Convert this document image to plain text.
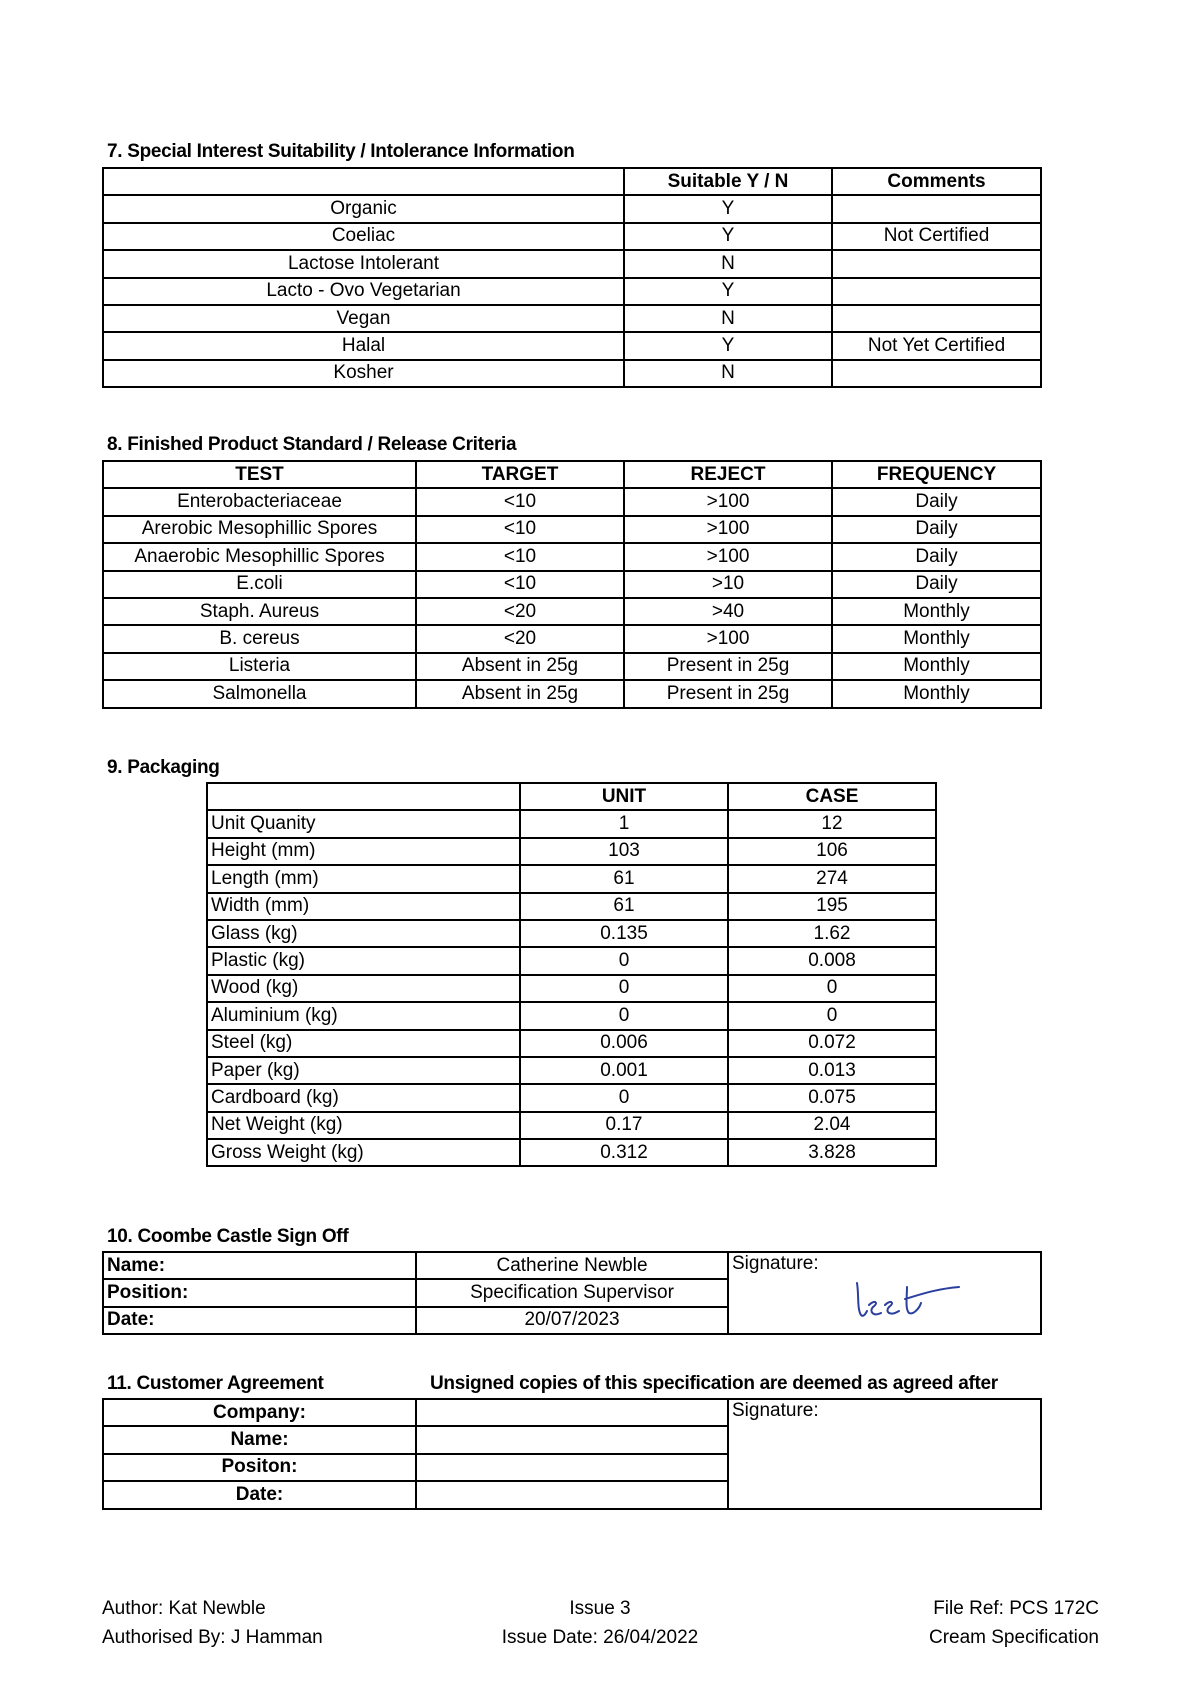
7. Special Interest Suitability / Intolerance Information
	Suitable Y / N	Comments
Organic	Y	
Coeliac	Y	Not Certified
Lactose Intolerant	N	
Lacto - Ovo Vegetarian	Y	
Vegan	N	
Halal	Y	Not Yet Certified
Kosher	N	
8. Finished Product Standard / Release Criteria
TEST	TARGET	REJECT	FREQUENCY
Enterobacteriaceae	<10	>100	Daily
Arerobic Mesophillic Spores	<10	>100	Daily
Anaerobic Mesophillic Spores	<10	>100	Daily
E.coli	<10	>10	Daily
Staph. Aureus	<20	>40	Monthly
B. cereus	<20	>100	Monthly
Listeria	Absent in 25g	Present in 25g	Monthly
Salmonella	Absent in 25g	Present in 25g	Monthly
9. Packaging
	UNIT	CASE
Unit Quanity	1	12
Height (mm)	103	106
Length (mm)	61	274
Width (mm)	61	195
Glass (kg)	0.135	1.62
Plastic (kg)	0	0.008
Wood (kg)	0	0
Aluminium (kg)	0	0
Steel (kg)	0.006	0.072
Paper (kg)	0.001	0.013
Cardboard (kg)	0	0.075
Net Weight (kg)	0.17	2.04
Gross Weight (kg)	0.312	3.828
10. Coombe Castle Sign Off
Name:	Catherine Newble	Signature:

Position:	Specification Supervisor	
Date:	20/07/2023	
11. Customer Agreement	Unsigned copies of this specification are deemed as agreed after
Company:		Signature:
Name:		
Positon:		
Date:		
Author: Kat Newble
Authorised By: J Hamman
Issue 3
Issue Date: 26/04/2022
File Ref: PCS 172C
Cream Specification
